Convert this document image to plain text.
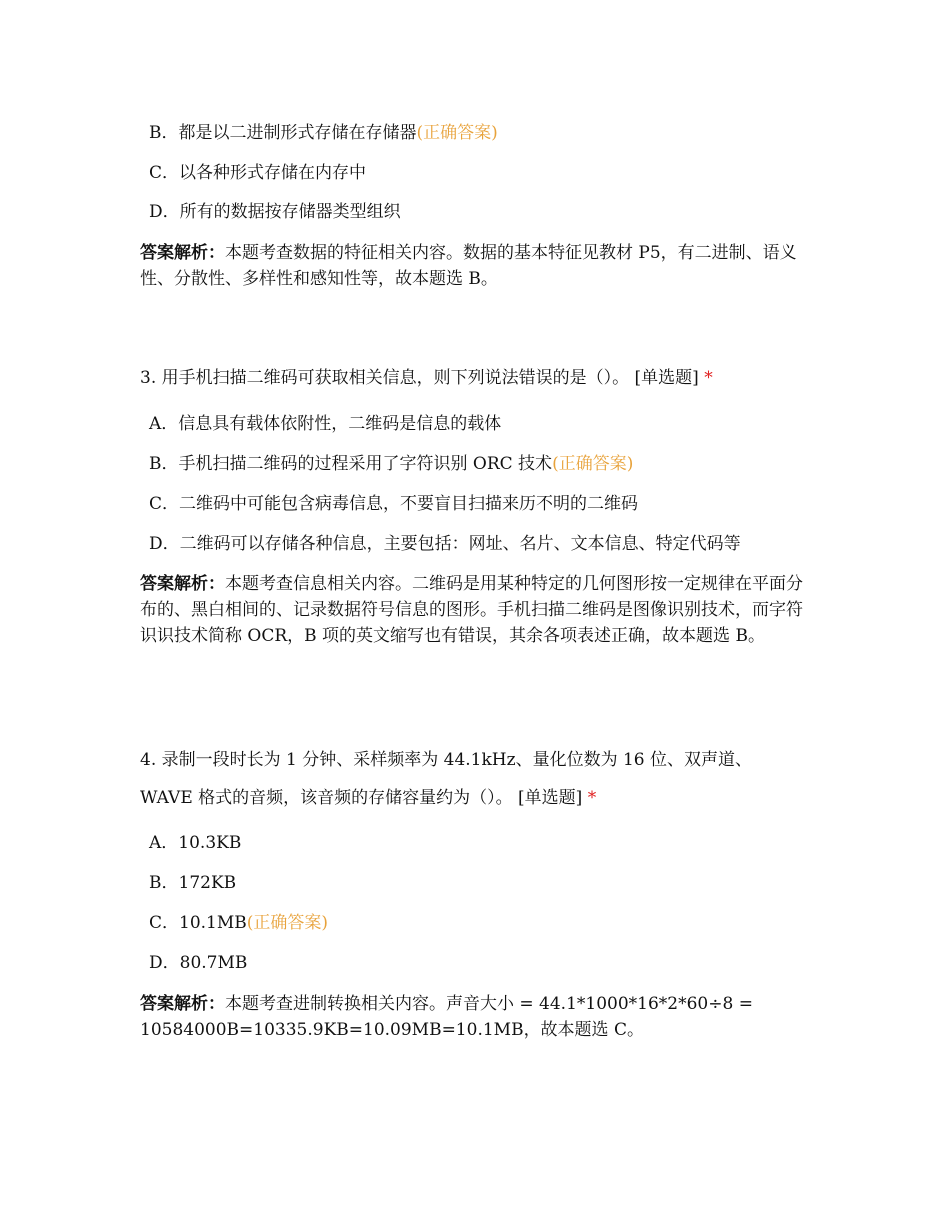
B．都是以二进制形式存储在存储器(正确答案)
C．以各种形式存储在内存中
D．所有的数据按存储器类型组织
答案解析：本题考查数据的特征相关内容。数据的基本特征见教材 P5，有二进制、语义性、分散性、多样性和感知性等，故本题选 B。
3. 用手机扫描二维码可获取相关信息，则下列说法错误的是（）。 [单选题] *
A．信息具有载体依附性，二维码是信息的载体
B．手机扫描二维码的过程采用了字符识别 ORC 技术(正确答案)
C．二维码中可能包含病毒信息，不要盲目扫描来历不明的二维码
D．二维码可以存储各种信息，主要包括：网址、名片、文本信息、特定代码等
答案解析：本题考查信息相关内容。二维码是用某种特定的几何图形按一定规律在平面分布的、黑白相间的、记录数据符号信息的图形。手机扫描二维码是图像识别技术，而字符识识技术简称 OCR，B 项的英文缩写也有错误，其余各项表述正确，故本题选 B。
4. 录制一段时长为 1 分钟、采样频率为 44.1kHz、量化位数为 16 位、双声道、
WAVE 格式的音频，该音频的存储容量约为（）。 [单选题] *
A．10.3KB
B．172KB
C．10.1MB(正确答案)
D．80.7MB
答案解析：本题考查进制转换相关内容。声音大小 = 44.1*1000*16*2*60÷8 = 10584000B=10335.9KB=10.09MB=10.1MB，故本题选 C。
